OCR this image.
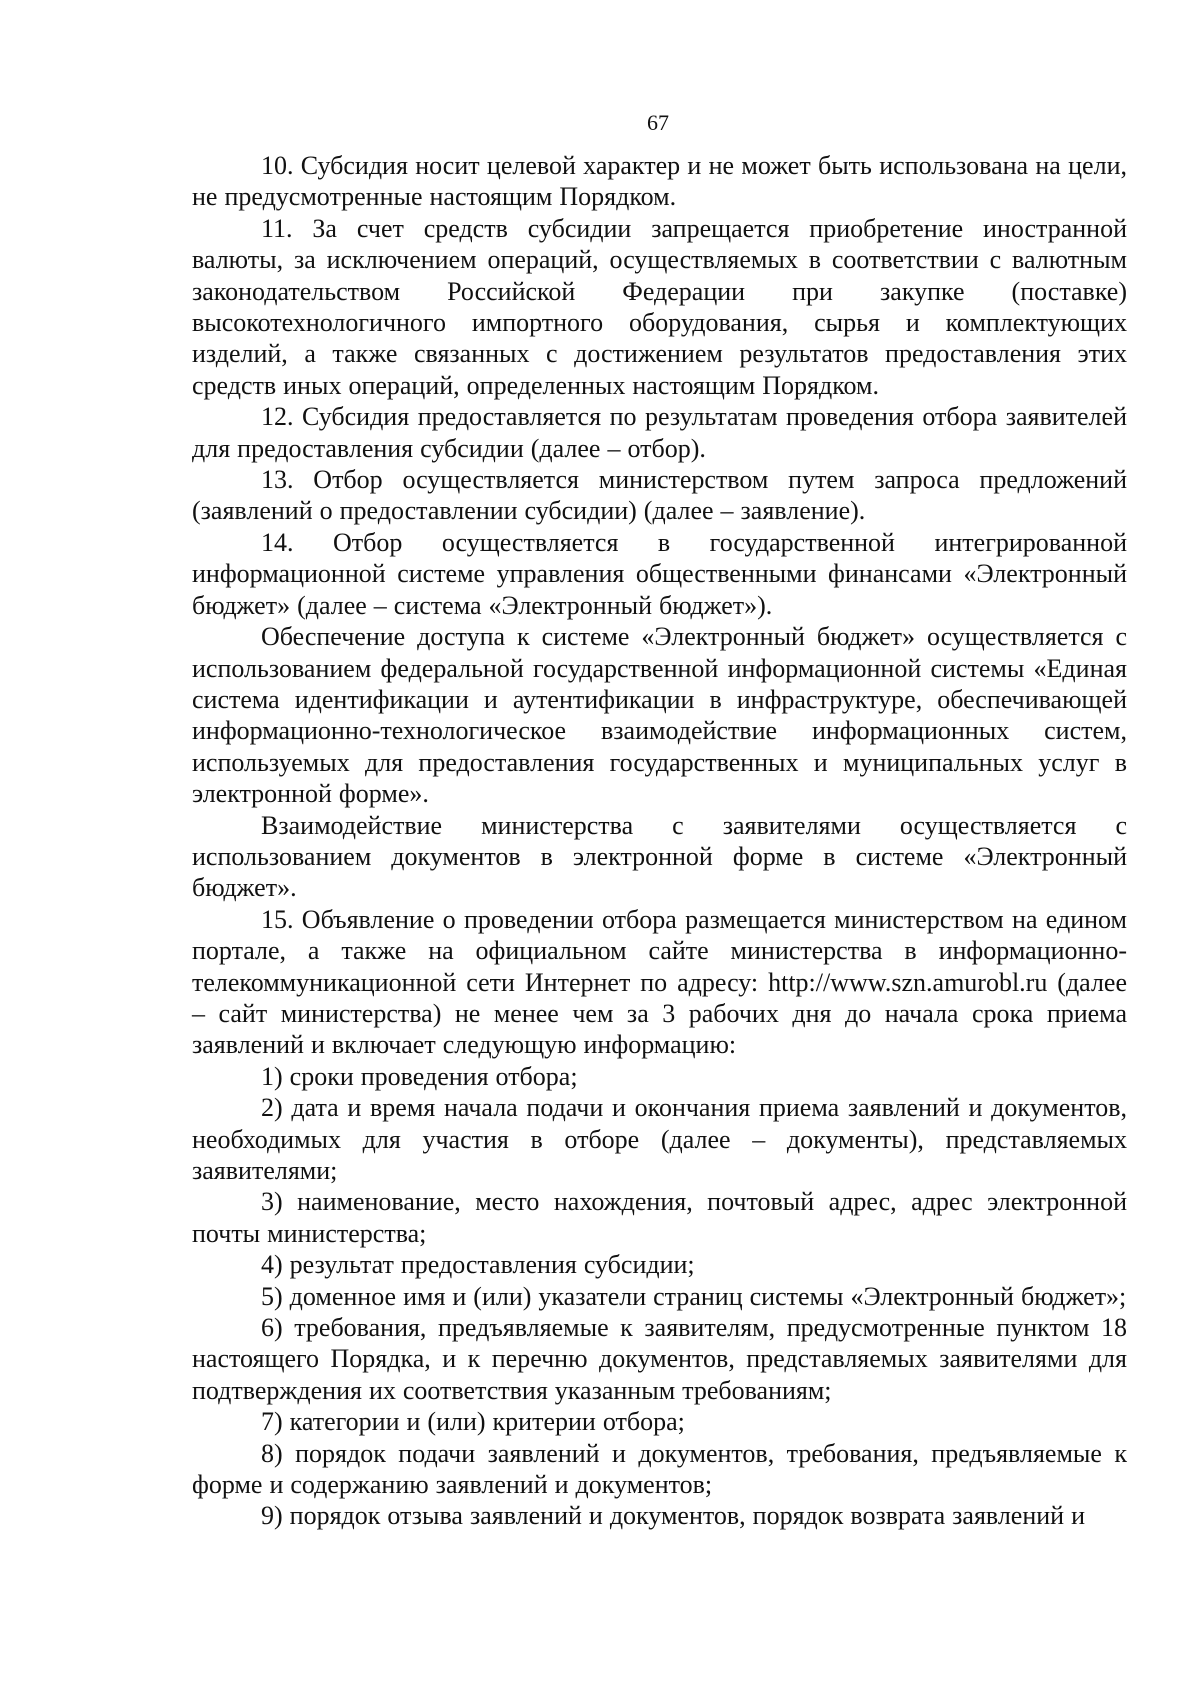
67

10. Субсидия носит целевой характер и не может быть использована на цели, не предусмотренные настоящим Порядком.

11. За счет средств субсидии запрещается приобретение иностранной валюты, за исключением операций, осуществляемых в соответствии с валютным законодательством Российской Федерации при закупке (поставке) высокотехнологичного импортного оборудования, сырья и комплектующих изделий, а также связанных с достижением результатов предоставления этих средств иных операций, определенных настоящим Порядком.

12. Субсидия предоставляется по результатам проведения отбора заявителей для предоставления субсидии (далее – отбор).

13. Отбор осуществляется министерством путем запроса предложений (заявлений о предоставлении субсидии) (далее – заявление).

14. Отбор осуществляется в государственной интегрированной информационной системе управления общественными финансами «Электронный бюджет» (далее – система «Электронный бюджет»).

Обеспечение доступа к системе «Электронный бюджет» осуществляется с использованием федеральной государственной информационной системы «Единая система идентификации и аутентификации в инфраструктуре, обеспечивающей информационно-технологическое взаимодействие информационных систем, используемых для предоставления государственных и муниципальных услуг в электронной форме».

Взаимодействие министерства с заявителями осуществляется с использованием документов в электронной форме в системе «Электронный бюджет».

15. Объявление о проведении отбора размещается министерством на едином портале, а также на официальном сайте министерства в информационно-телекоммуникационной сети Интернет по адресу: http://www.szn.amurobl.ru (далее – сайт министерства) не менее чем за 3 рабочих дня до начала срока приема заявлений и включает следующую информацию:

1) сроки проведения отбора;

2) дата и время начала подачи и окончания приема заявлений и документов, необходимых для участия в отборе (далее – документы), представляемых заявителями;

3) наименование, место нахождения, почтовый адрес, адрес электронной почты министерства;

4) результат предоставления субсидии;

5) доменное имя и (или) указатели страниц системы «Электронный бюджет»;

6) требования, предъявляемые к заявителям, предусмотренные пунктом 18 настоящего Порядка, и к перечню документов, представляемых заявителями для подтверждения их соответствия указанным требованиям;

7) категории и (или) критерии отбора;

8) порядок подачи заявлений и документов, требования, предъявляемые к форме и содержанию заявлений и документов;

9) порядок отзыва заявлений и документов, порядок возврата заявлений и
